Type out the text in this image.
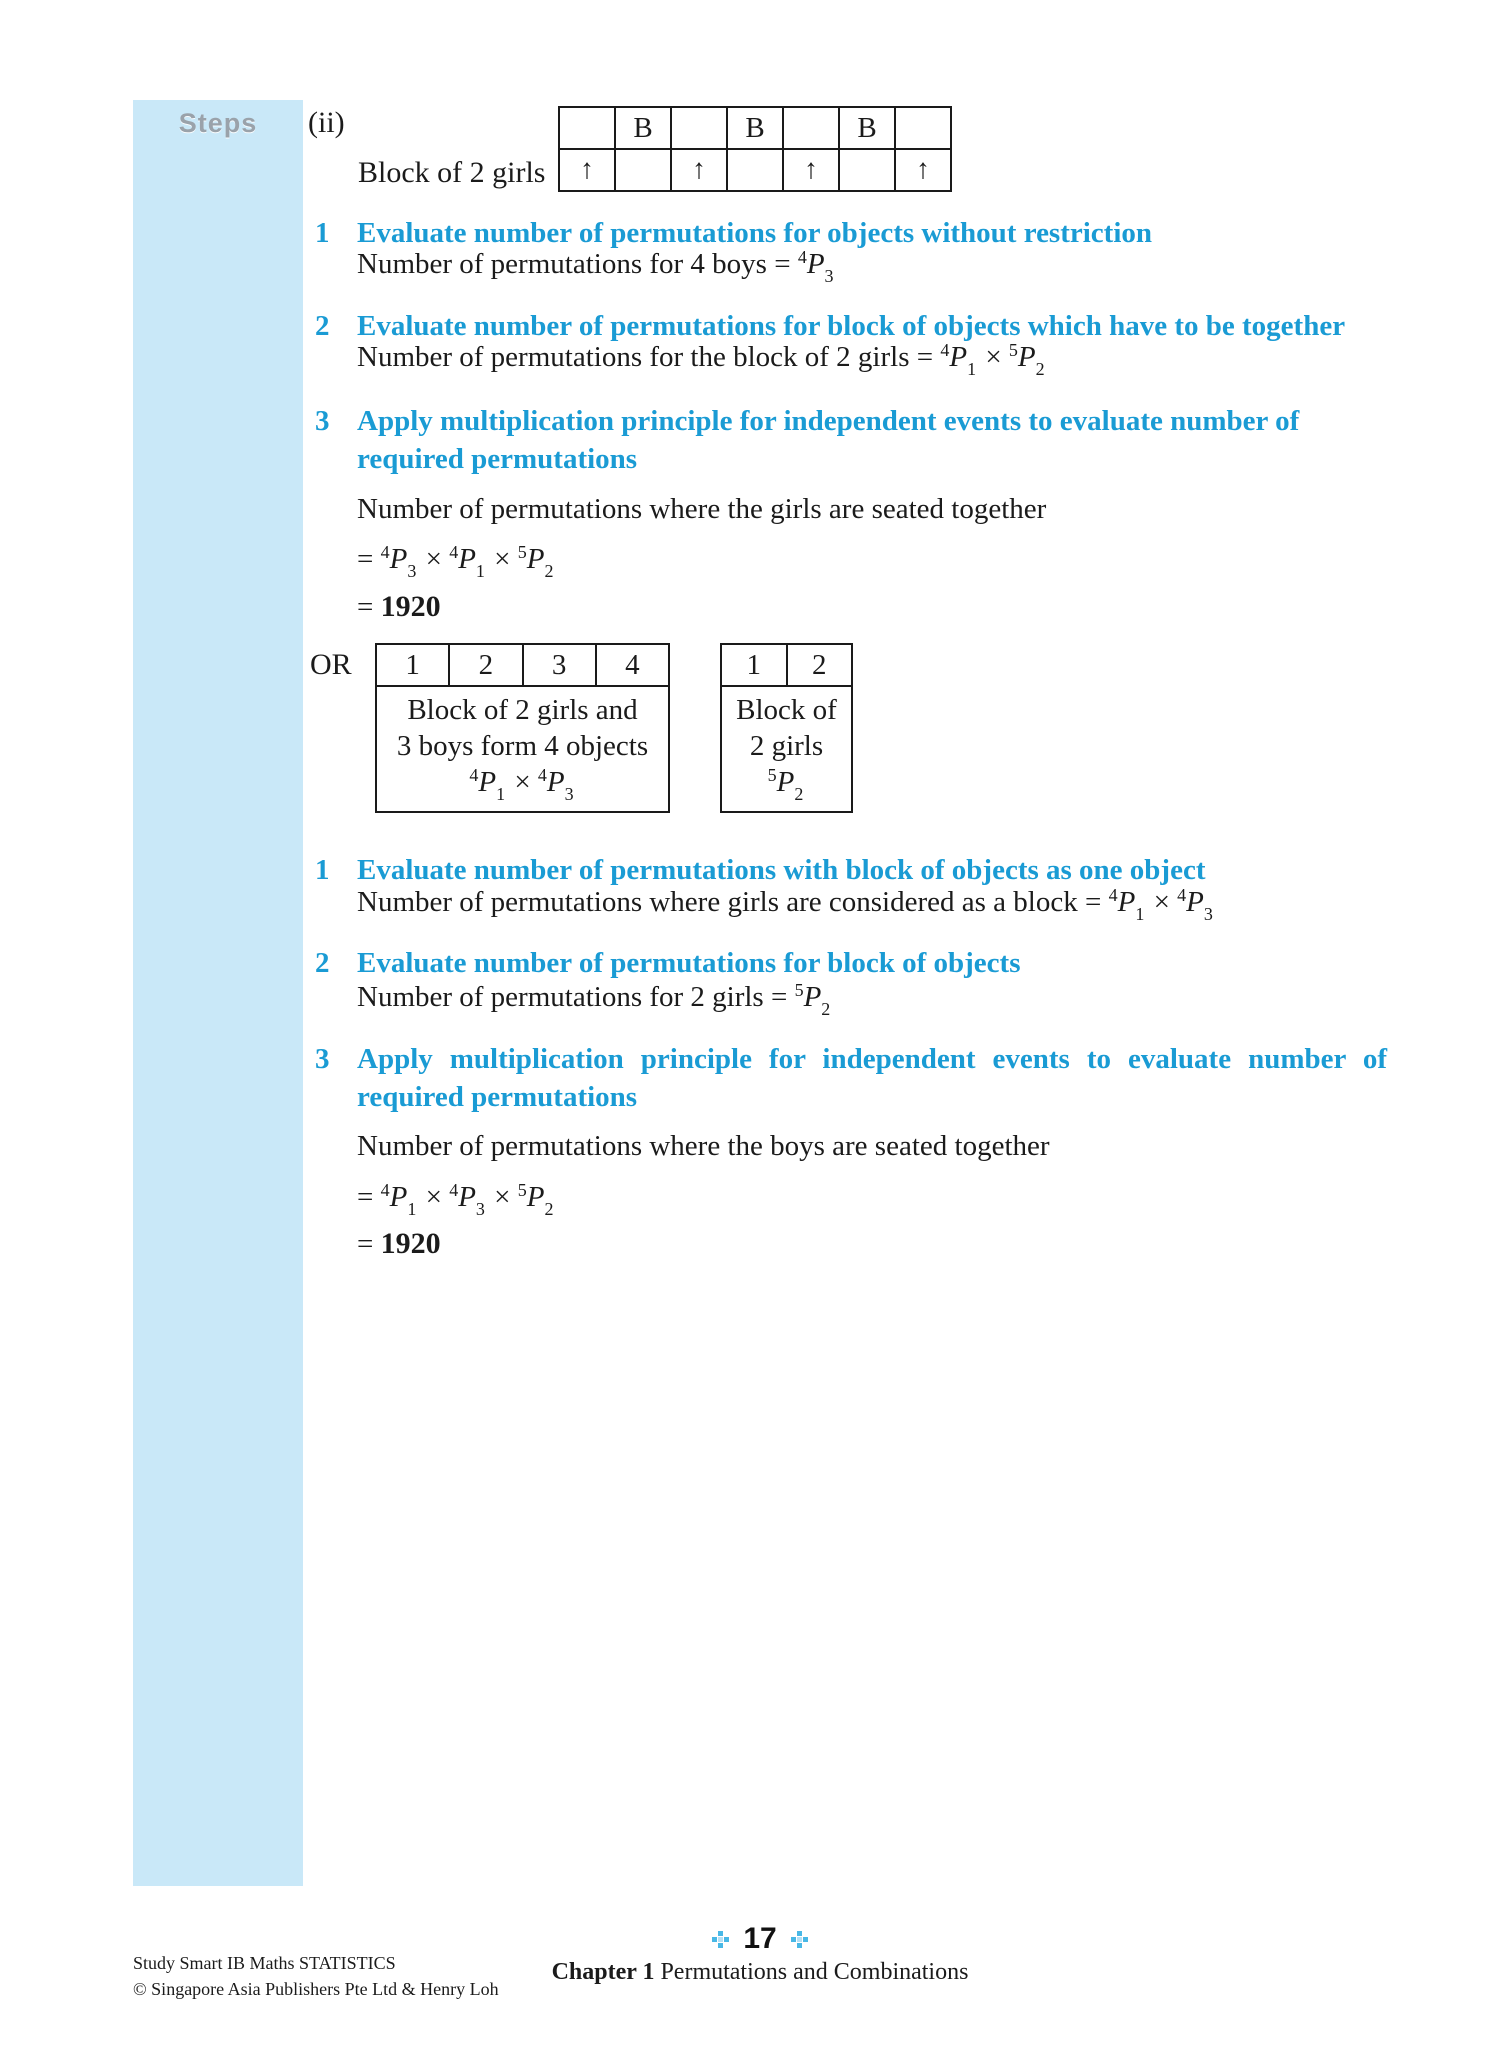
Steps	(ii)
Block of 2 girls
	B		B		B	
↑		↑		↑		↑
1 Evaluate number of permutations for objects without restriction
Number of permutations for 4 boys = $^4P_3$
2 Evaluate number of permutations for block of objects which have to be together
Number of permutations for the block of 2 girls = $^4P_1 \times ^5P_2$
3 Apply multiplication principle for independent events to evaluate number of required permutations
Number of permutations where the girls are seated together
= $^4P_3 \times ^4P_1 \times ^5P_2$
= 1920
OR	1	2	3	4
Block of 2 girls and
3 boys form 4 objects
$^4P_1 \times ^4P_3$
1	2
Block of
2 girls
$^5P_2$
1 Evaluate number of permutations with block of objects as one object
Number of permutations where girls are considered as a block = $^4P_1 \times ^4P_3$
2 Evaluate number of permutations for block of objects
Number of permutations for 2 girls = $^5P_2$
3 Apply multiplication principle for independent events to evaluate number of required permutations
Number of permutations where the boys are seated together
= $^4P_1 \times ^4P_3 \times ^5P_2$
= 1920
Study Smart IB Maths STATISTICS
© Singapore Asia Publishers Pte Ltd & Henry Loh
17
Chapter 1 Permutations and Combinations
